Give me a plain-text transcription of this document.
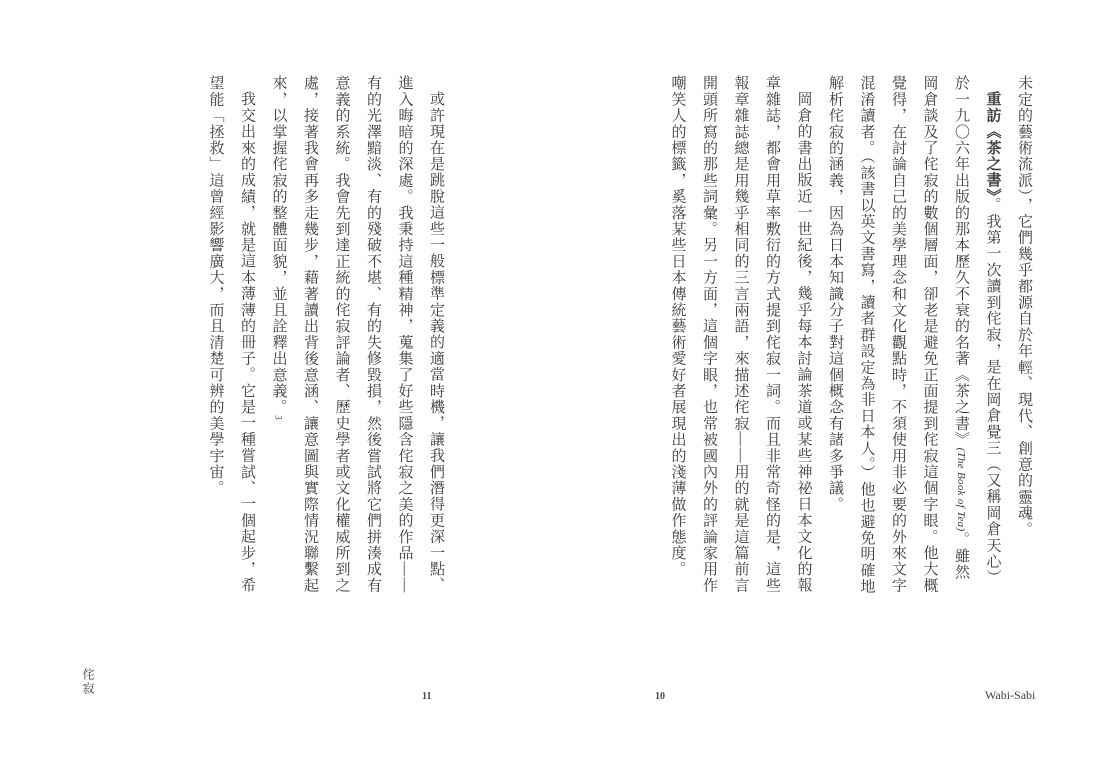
未定的藝術流派），它們幾乎都源自於年輕、現代、創意的靈魂。

重訪《茶之書》。我第一次讀到侘寂，是在岡倉覺三（又稱岡倉天心）於一九〇六年出版的那本歷久不衰的名著《茶之書》(The Book of Tea)。雖然岡倉談及了侘寂的數個層面，卻老是避免正面提到侘寂這個字眼。他大概覺得，在討論自己的美學理念和文化觀點時，不須使用非必要的外來文字混淆讀者。（該書以英文書寫，讀者群設定為非日本人。）他也避免明確地解析侘寂的涵義，因為日本知識分子對這個概念有諸多爭議。

岡倉的書出版近一世紀後，幾乎每本討論茶道或某些神祕日本文化的報章雜誌，都會用草率敷衍的方式提到侘寂一詞。而且非常奇怪的是，這些報章雜誌總是用幾乎相同的三言兩語，來描述侘寂——用的就是這篇前言開頭所寫的那些詞彙。另一方面，這個字眼，也常被國內外的評論家用作嘲笑人的標籤，奚落某些日本傳統藝術愛好者展現出的淺薄做作態度。

或許現在是跳脫這些一般標準定義的適當時機，讓我們潛得更深一點、進入晦暗的深處。我秉持這種精神，蒐集了好些隱含侘寂之美的作品——有的光澤黯淡、有的殘破不堪、有的失修毀損，然後嘗試將它們拼湊成有意義的系統。我會先到達正統的侘寂評論者、歷史學者或文化權威所到之處，接著我會再多走幾步，藉著讀出背後意涵、讓意圖與實際情況聯繫起來，以掌握侘寂的整體面貌，並且詮釋出意義。3

我交出來的成績，就是這本薄薄的冊子。它是一種嘗試、一個起步，希望能「拯救」這曾經影響廣大，而且清楚可辨的美學宇宙。

侘寂
11	10	Wabi-Sabi
